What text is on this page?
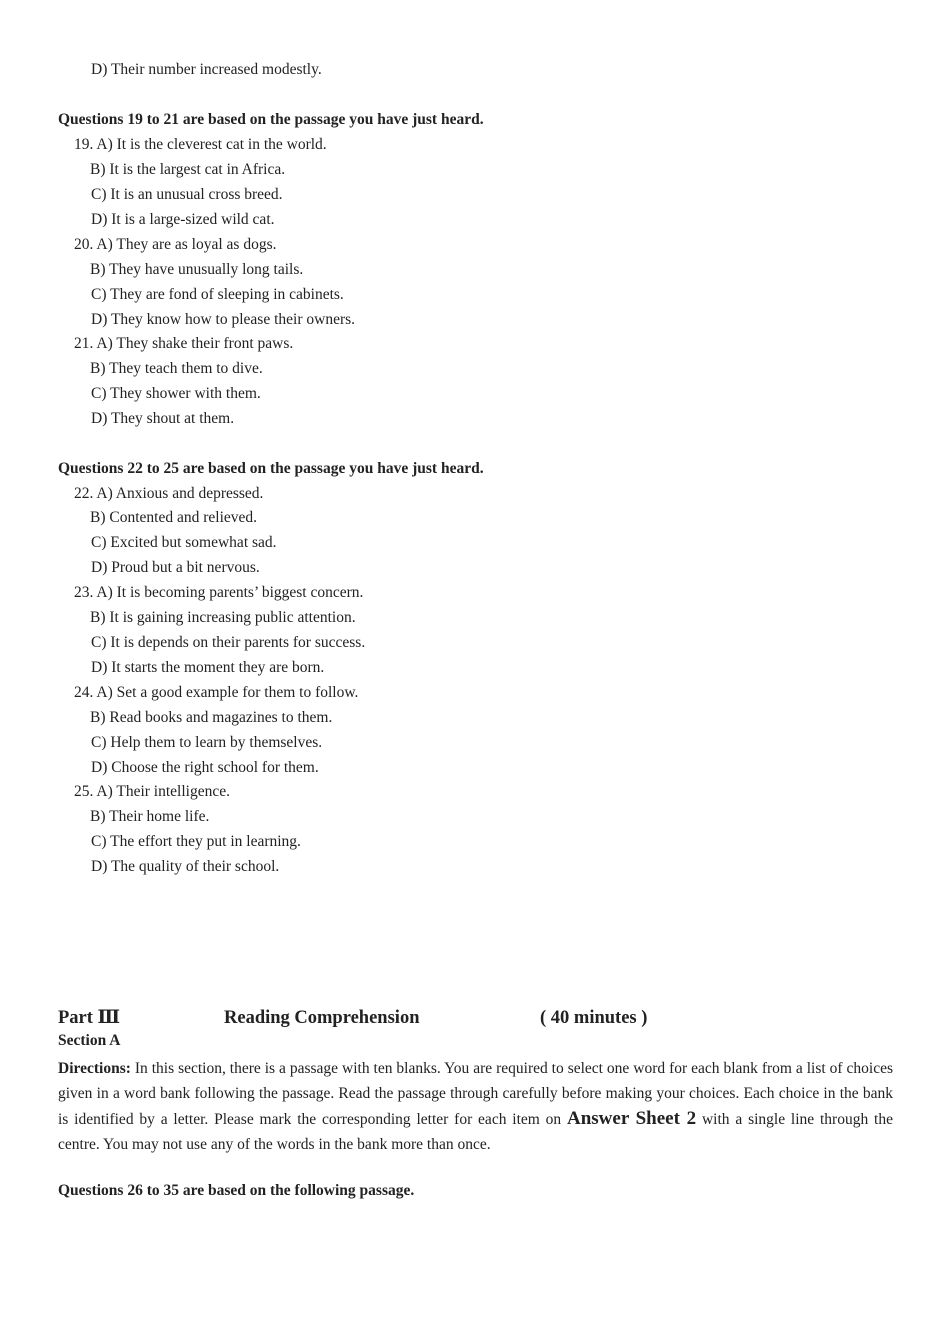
D) Their number increased modestly.
Questions 19 to 21 are based on the passage you have just heard.
19. A) It is the cleverest cat in the world.
B) It is the largest cat in Africa.
C) It is an unusual cross breed.
D) It is a large-sized wild cat.
20. A) They are as loyal as dogs.
B) They have unusually long tails.
C) They are fond of sleeping in cabinets.
D) They know how to please their owners.
21. A) They shake their front paws.
B) They teach them to dive.
C) They shower with them.
D) They shout at them.
Questions 22 to 25 are based on the passage you have just heard.
22. A) Anxious and depressed.
B) Contented and relieved.
C) Excited but somewhat sad.
D) Proud but a bit nervous.
23. A) It is becoming parents’ biggest concern.
B) It is gaining increasing public attention.
C) It is depends on their parents for success.
D) It starts the moment they are born.
24. A) Set a good example for them to follow.
B) Read books and magazines to them.
C) Help them to learn by themselves.
D) Choose the right school for them.
25. A) Their intelligence.
B) Their home life.
C) The effort they put in learning.
D) The quality of their school.
Part Ⅲ	Reading Comprehension	( 40 minutes )
Section A
Directions: In this section, there is a passage with ten blanks. You are required to select one word for each blank from a list of choices given in a word bank following the passage. Read the passage through carefully before making your choices. Each choice in the bank is identified by a letter. Please mark the corresponding letter for each item on Answer Sheet 2 with a single line through the centre. You may not use any of the words in the bank more than once.
Questions 26 to 35 are based on the following passage.
